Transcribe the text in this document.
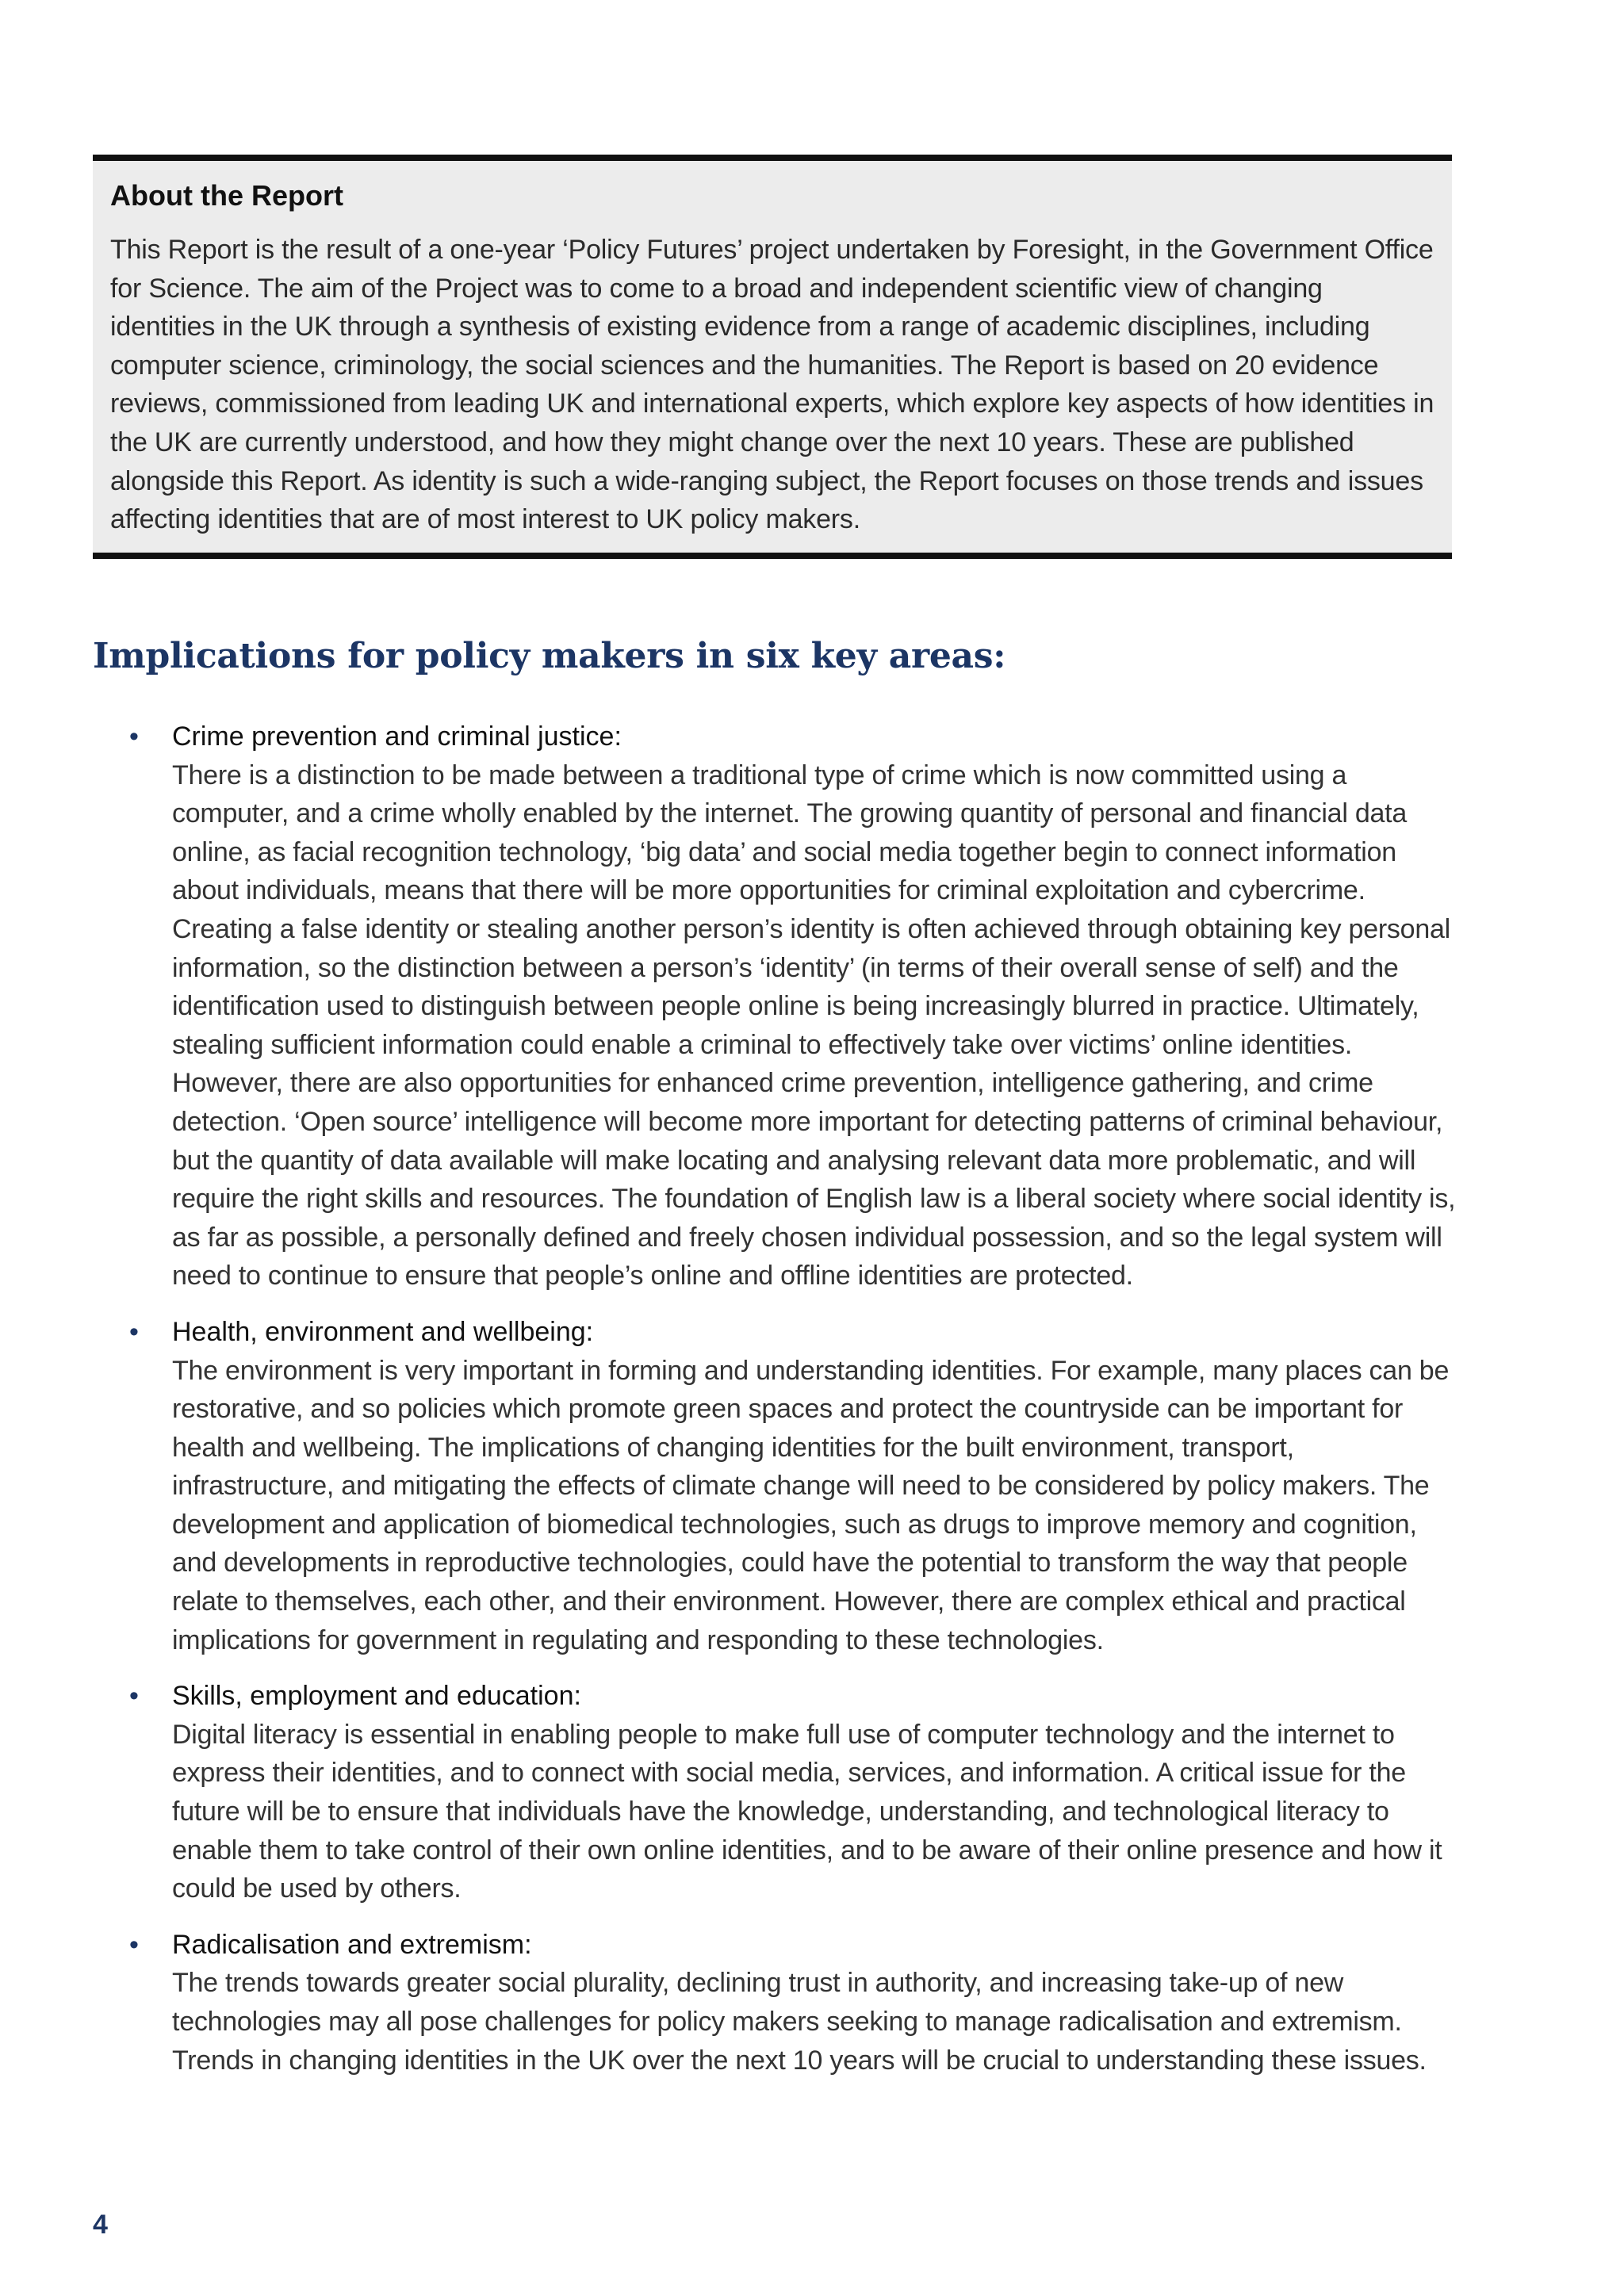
About the Report

This Report is the result of a one-year ‘Policy Futures’ project undertaken by Foresight, in the Government Office for Science. The aim of the Project was to come to a broad and independent scientific view of changing identities in the UK through a synthesis of existing evidence from a range of academic disciplines, including computer science, criminology, the social sciences and the humanities. The Report is based on 20 evidence reviews, commissioned from leading UK and international experts, which explore key aspects of how identities in the UK are currently understood, and how they might change over the next 10 years. These are published alongside this Report. As identity is such a wide-ranging subject, the Report focuses on those trends and issues affecting identities that are of most interest to UK policy makers.

Implications for policy makers in six key areas:
• Crime prevention and criminal justice:
There is a distinction to be made between a traditional type of crime which is now committed using a computer, and a crime wholly enabled by the internet. The growing quantity of personal and financial data online, as facial recognition technology, ‘big data’ and social media together begin to connect information about individuals, means that there will be more opportunities for criminal exploitation and cybercrime. Creating a false identity or stealing another person’s identity is often achieved through obtaining key personal information, so the distinction between a person’s ‘identity’ (in terms of their overall sense of self) and the identification used to distinguish between people online is being increasingly blurred in practice. Ultimately, stealing sufficient information could enable a criminal to effectively take over victims’ online identities. However, there are also opportunities for enhanced crime prevention, intelligence gathering, and crime detection. ‘Open source’ intelligence will become more important for detecting patterns of criminal behaviour, but the quantity of data available will make locating and analysing relevant data more problematic, and will require the right skills and resources. The foundation of English law is a liberal society where social identity is, as far as possible, a personally defined and freely chosen individual possession, and so the legal system will need to continue to ensure that people’s online and offline identities are protected.
• Health, environment and wellbeing:
The environment is very important in forming and understanding identities. For example, many places can be restorative, and so policies which promote green spaces and protect the countryside can be important for health and wellbeing. The implications of changing identities for the built environment, transport, infrastructure, and mitigating the effects of climate change will need to be considered by policy makers. The development and application of biomedical technologies, such as drugs to improve memory and cognition, and developments in reproductive technologies, could have the potential to transform the way that people relate to themselves, each other, and their environment. However, there are complex ethical and practical implications for government in regulating and responding to these technologies.
• Skills, employment and education:
Digital literacy is essential in enabling people to make full use of computer technology and the internet to express their identities, and to connect with social media, services, and information. A critical issue for the future will be to ensure that individuals have the knowledge, understanding, and technological literacy to enable them to take control of their own online identities, and to be aware of their online presence and how it could be used by others.
• Radicalisation and extremism:
The trends towards greater social plurality, declining trust in authority, and increasing take-up of new technologies may all pose challenges for policy makers seeking to manage radicalisation and extremism. Trends in changing identities in the UK over the next 10 years will be crucial to understanding these issues.

4
